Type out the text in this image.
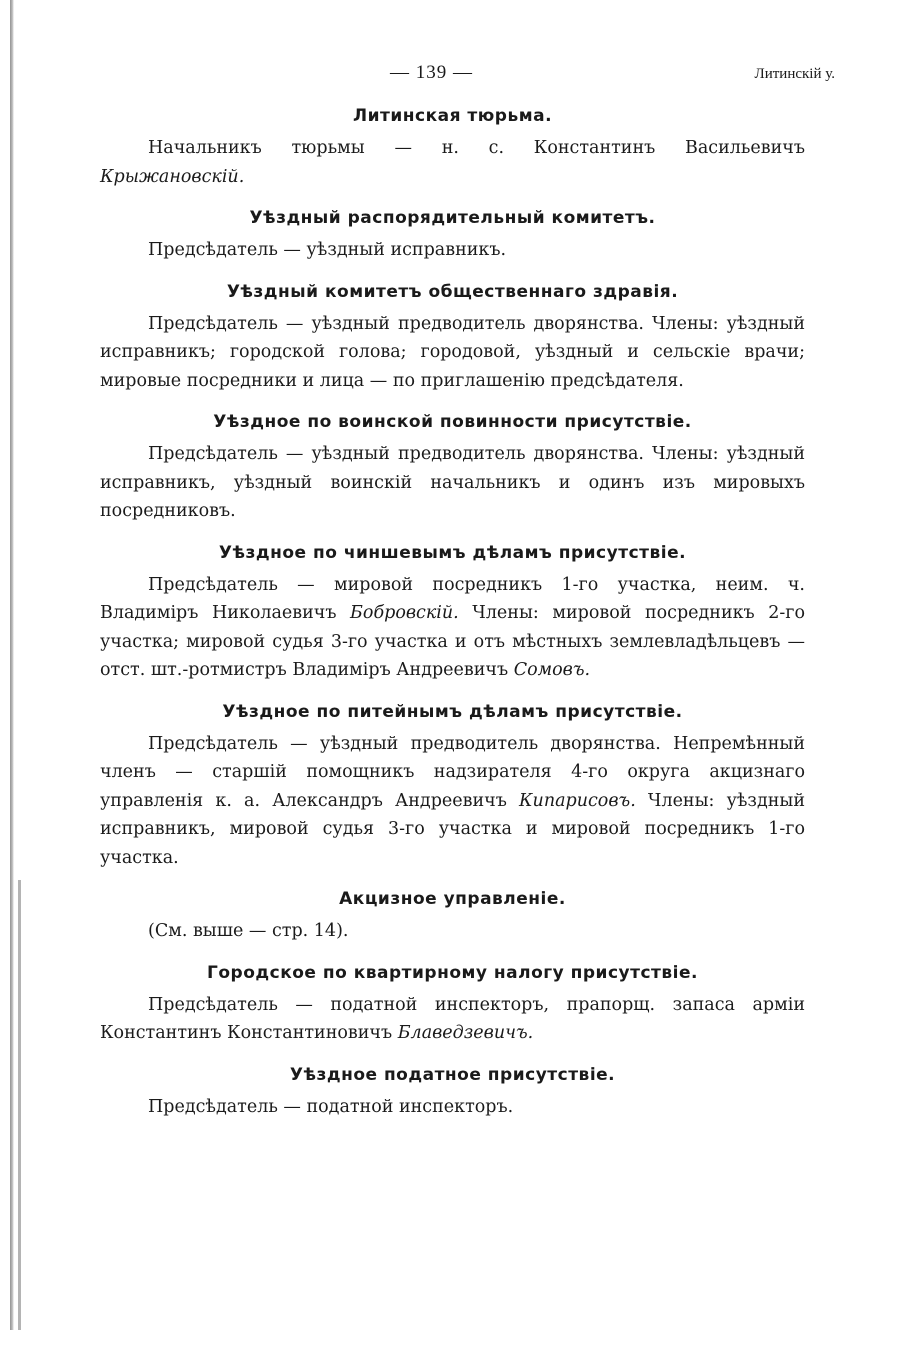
— 139 —	Литинскій у.
Литинская тюрьма.

Начальникъ тюрьмы — н. с. Константинъ Васильевичъ Крыжановскій.

Уѣздный распорядительный комитетъ.

Предсѣдатель — уѣздный исправникъ.

Уѣздный комитетъ общественнаго здравія.

Предсѣдатель — уѣздный предводитель дворянства. Члены: уѣздный исправникъ; городской голова; городовой, уѣздный и сельскіе врачи; мировые посредники и лица — по приглашенію предсѣдателя.

Уѣздное по воинской повинности присутствіе.

Предсѣдатель — уѣздный предводитель дворянства. Члены: уѣздный исправникъ, уѣздный воинскій начальникъ и одинъ изъ мировыхъ посредниковъ.

Уѣздное по чиншевымъ дѣламъ присутствіе.

Предсѣдатель — мировой посредникъ 1-го участка, неим. ч. Владиміръ Николаевичъ Бобровскій. Члены: мировой посредникъ 2-го участка; мировой судья 3-го участка и отъ мѣстныхъ землевладѣльцевъ — отст. шт.-ротмистръ Владиміръ Андреевичъ Сомовъ.

Уѣздное по питейнымъ дѣламъ присутствіе.

Предсѣдатель — уѣздный предводитель дворянства. Непремѣнный членъ — старшій помощникъ надзирателя 4-го округа акцизнаго управленія к. а. Александръ Андреевичъ Кипарисовъ. Члены: уѣздный исправникъ, мировой судья 3-го участка и мировой посредникъ 1-го участка.

Акцизное управленіе.

(См. выше — стр. 14).

Городское по квартирному налогу присутствіе.

Предсѣдатель — податной инспекторъ, прапорщ. запаса арміи Константинъ Константиновичъ Блаведзевичъ.

Уѣздное податное присутствіе.

Предсѣдатель — податной инспекторъ.
